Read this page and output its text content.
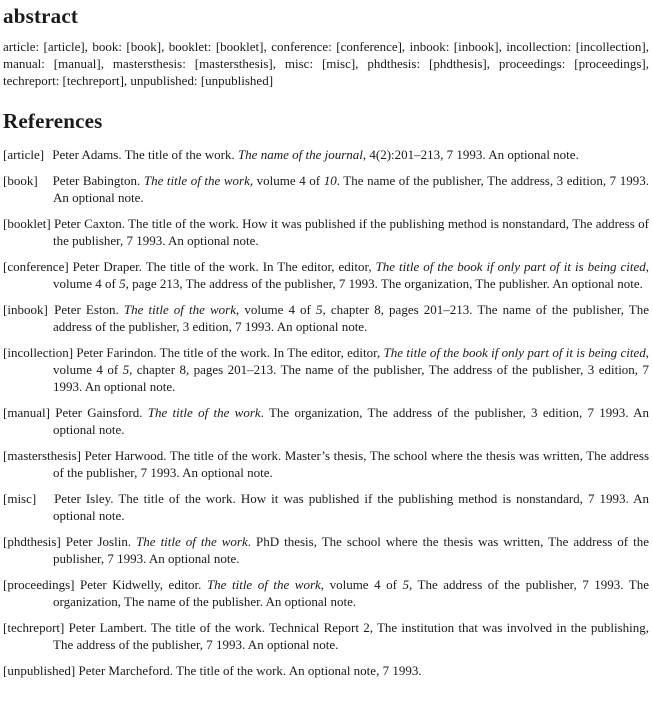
abstract

article: [article], book: [book], booklet: [booklet], conference: [conference], inbook: [inbook], incollection: [incollection], manual: [manual], mastersthesis: [mastersthesis], misc: [misc], phdthesis: [phdthesis], proceedings: [proceedings], techreport: [techreport], unpublished: [unpublished]

References
[article] Peter Adams. The title of the work. The name of the journal, 4(2):201–213, 7 1993. An optional note.
[book] Peter Babington. The title of the work, volume 4 of 10. The name of the publisher, The address, 3 edition, 7 1993. An optional note.
[booklet] Peter Caxton. The title of the work. How it was published if the publishing method is nonstandard, The address of the publisher, 7 1993. An optional note.
[conference] Peter Draper. The title of the work. In The editor, editor, The title of the book if only part of it is being cited, volume 4 of 5, page 213, The address of the publisher, 7 1993. The organization, The publisher. An optional note.
[inbook] Peter Eston. The title of the work, volume 4 of 5, chapter 8, pages 201–213. The name of the publisher, The address of the publisher, 3 edition, 7 1993. An optional note.
[incollection] Peter Farindon. The title of the work. In The editor, editor, The title of the book if only part of it is being cited, volume 4 of 5, chapter 8, pages 201–213. The name of the publisher, The address of the publisher, 3 edition, 7 1993. An optional note.
[manual] Peter Gainsford. The title of the work. The organization, The address of the publisher, 3 edition, 7 1993. An optional note.
[mastersthesis] Peter Harwood. The title of the work. Master’s thesis, The school where the thesis was written, The address of the publisher, 7 1993. An optional note.
[misc] Peter Isley. The title of the work. How it was published if the publishing method is nonstandard, 7 1993. An optional note.
[phdthesis] Peter Joslin. The title of the work. PhD thesis, The school where the thesis was written, The address of the publisher, 7 1993. An optional note.
[proceedings] Peter Kidwelly, editor. The title of the work, volume 4 of 5, The address of the publisher, 7 1993. The organization, The name of the publisher. An optional note.
[techreport] Peter Lambert. The title of the work. Technical Report 2, The institution that was involved in the publishing, The address of the publisher, 7 1993. An optional note.
[unpublished] Peter Marcheford. The title of the work. An optional note, 7 1993.
